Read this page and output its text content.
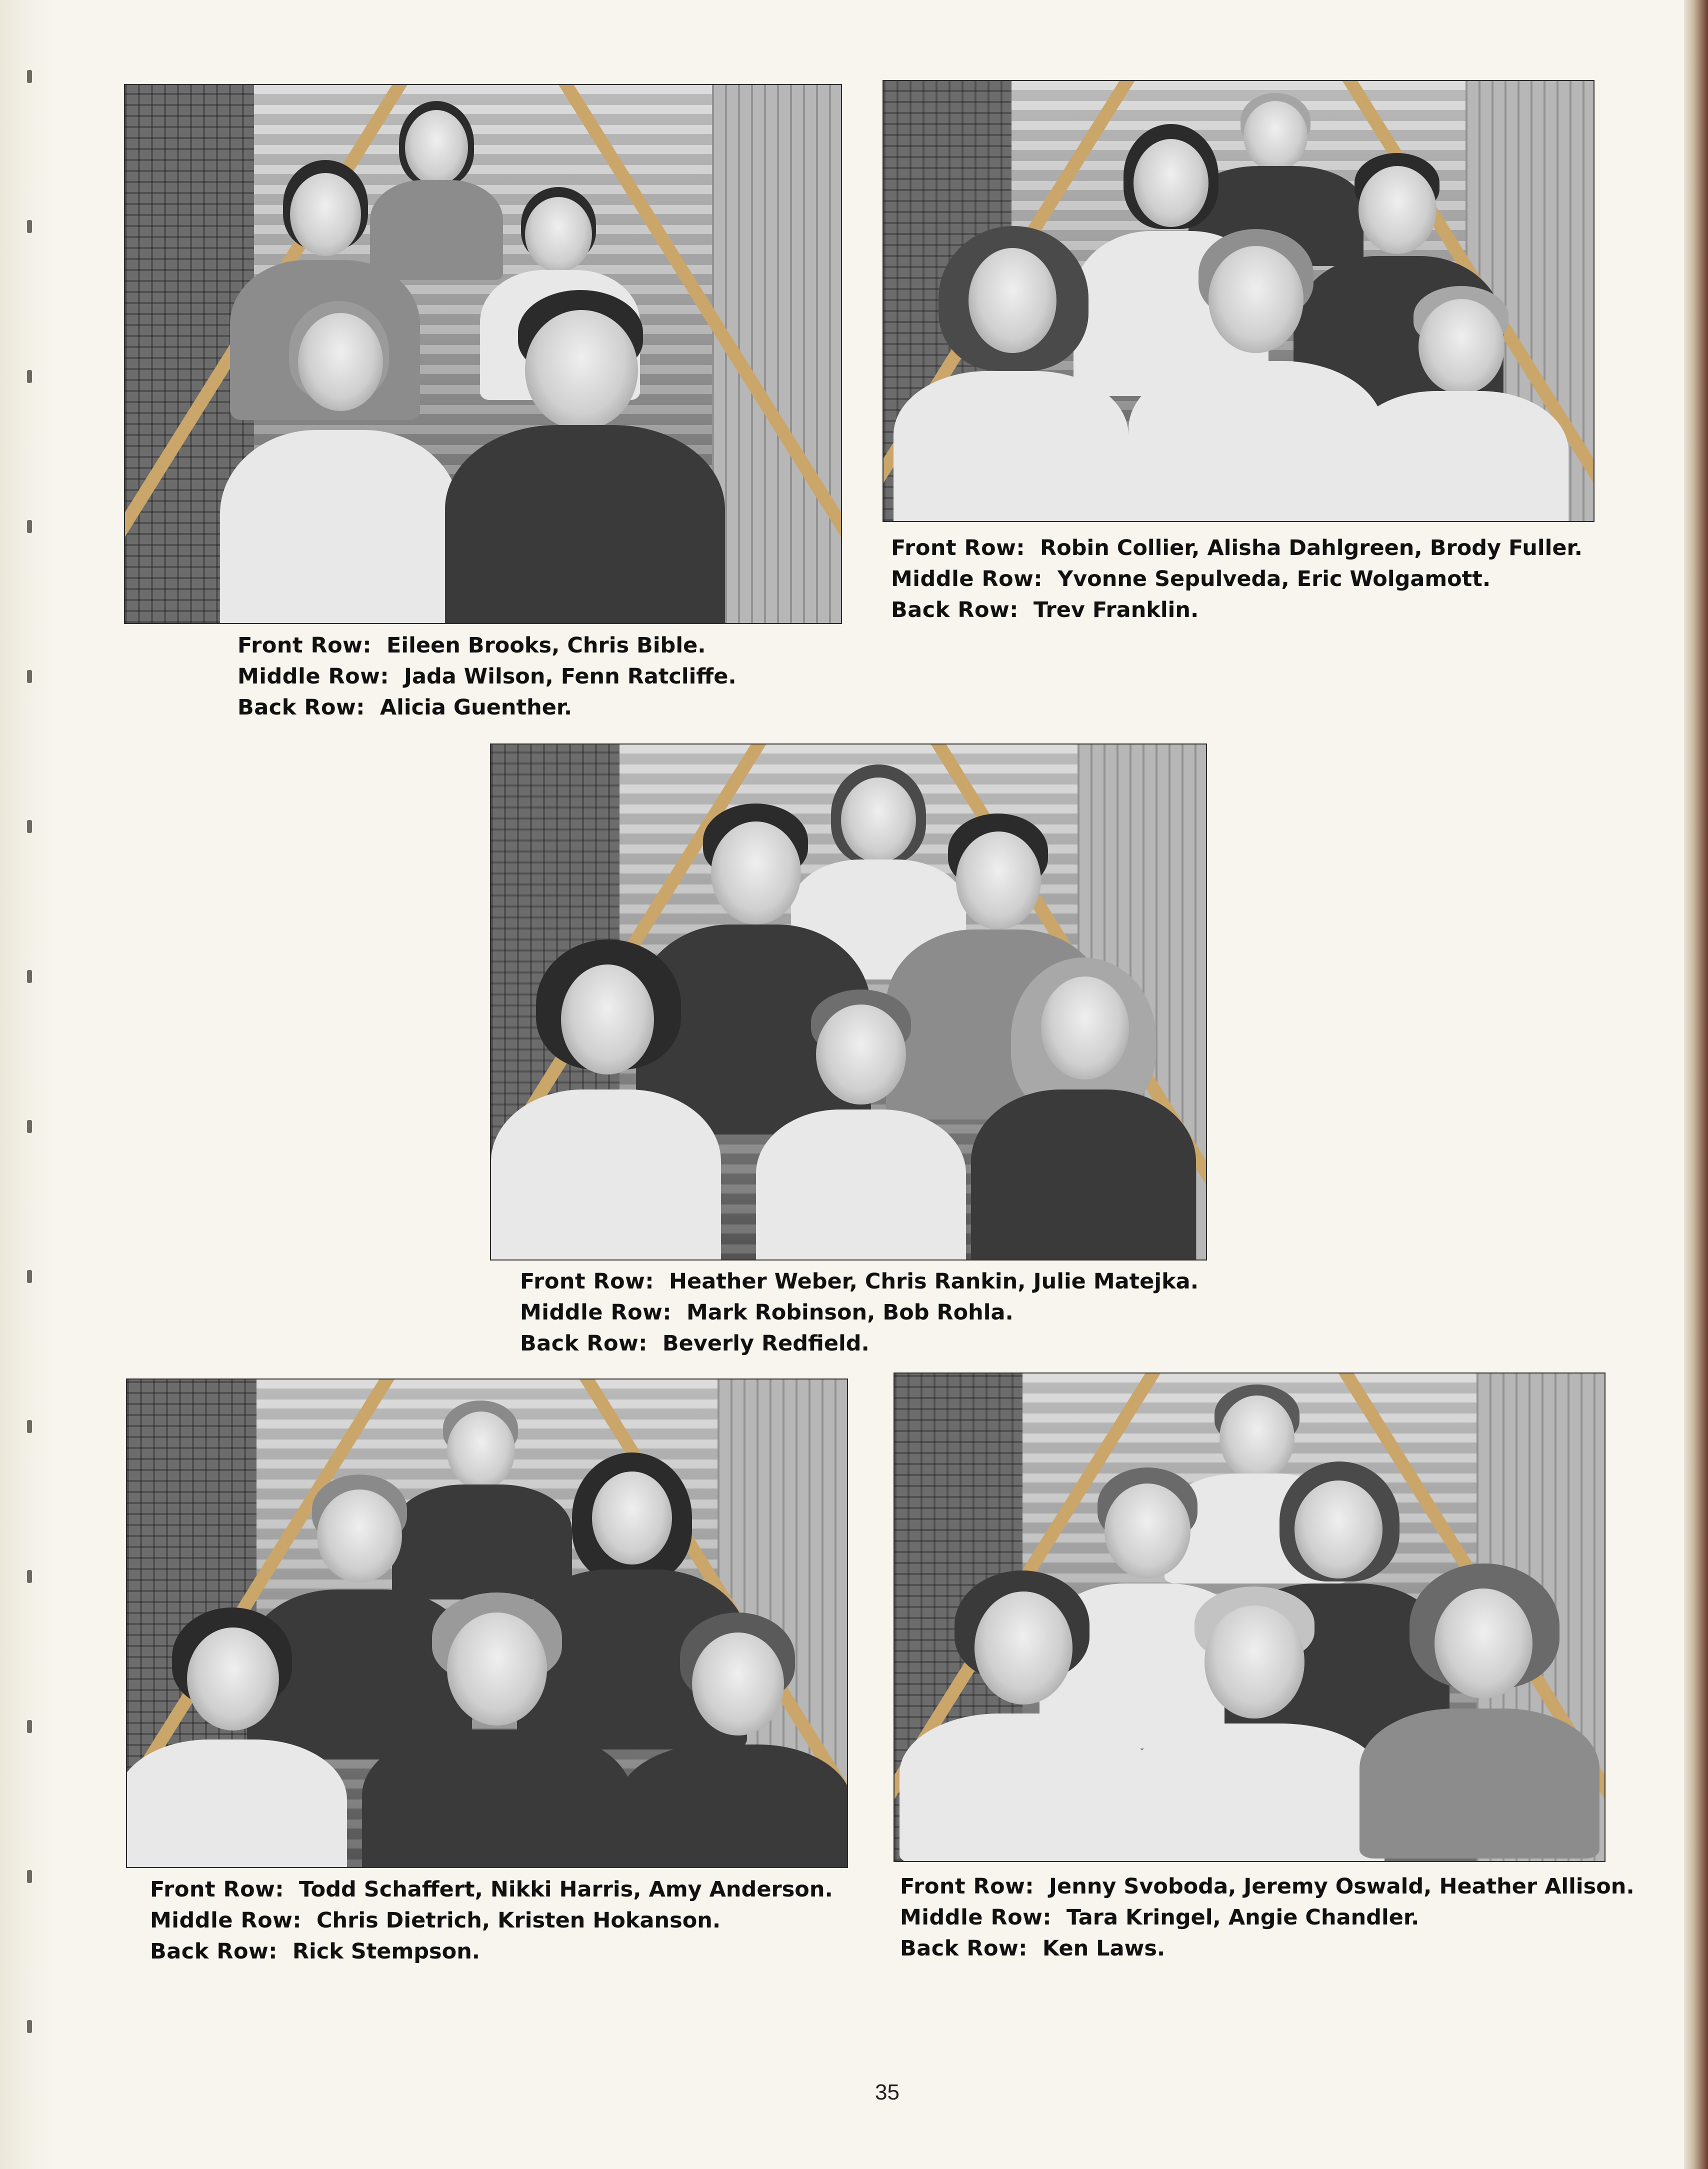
Front Row: Eileen Brooks, Chris Bible.
Middle Row: Jada Wilson, Fenn Ratcliffe.
Back Row: Alicia Guenther.
Front Row: Robin Collier, Alisha Dahlgreen, Brody Fuller.
Middle Row: Yvonne Sepulveda, Eric Wolgamott.
Back Row: Trev Franklin.
Front Row: Heather Weber, Chris Rankin, Julie Matejka.
Middle Row: Mark Robinson, Bob Rohla.
Back Row: Beverly Redfield.
Front Row: Todd Schaffert, Nikki Harris, Amy Anderson.
Middle Row: Chris Dietrich, Kristen Hokanson.
Back Row: Rick Stempson.
Front Row: Jenny Svoboda, Jeremy Oswald, Heather Allison.
Middle Row: Tara Kringel, Angie Chandler.
Back Row: Ken Laws.
35
